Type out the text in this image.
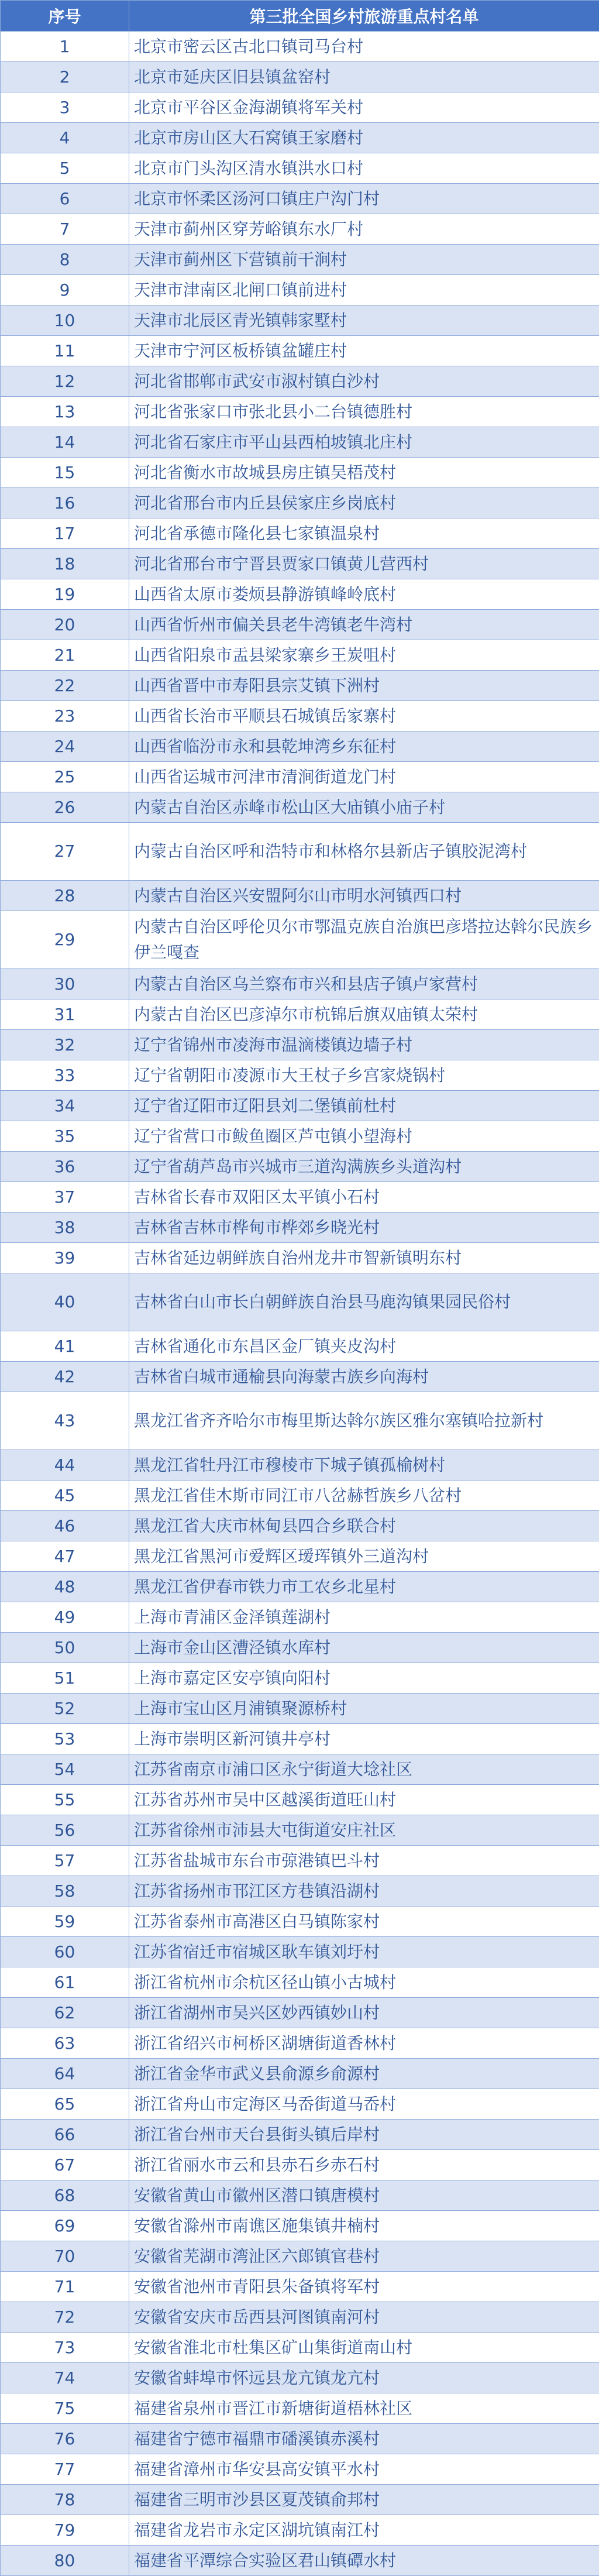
序号	第三批全国乡村旅游重点村名单
1	北京市密云区古北口镇司马台村
2	北京市延庆区旧县镇盆窑村
3	北京市平谷区金海湖镇将军关村
4	北京市房山区大石窝镇王家磨村
5	北京市门头沟区清水镇洪水口村
6	北京市怀柔区汤河口镇庄户沟门村
7	天津市蓟州区穿芳峪镇东水厂村
8	天津市蓟州区下营镇前干涧村
9	天津市津南区北闸口镇前进村
10	天津市北辰区青光镇韩家墅村
11	天津市宁河区板桥镇盆罐庄村
12	河北省邯郸市武安市淑村镇白沙村
13	河北省张家口市张北县小二台镇德胜村
14	河北省石家庄市平山县西柏坡镇北庄村
15	河北省衡水市故城县房庄镇吴梧茂村
16	河北省邢台市内丘县侯家庄乡岗底村
17	河北省承德市隆化县七家镇温泉村
18	河北省邢台市宁晋县贾家口镇黄儿营西村
19	山西省太原市娄烦县静游镇峰岭底村
20	山西省忻州市偏关县老牛湾镇老牛湾村
21	山西省阳泉市盂县梁家寨乡王炭咀村
22	山西省晋中市寿阳县宗艾镇下洲村
23	山西省长治市平顺县石城镇岳家寨村
24	山西省临汾市永和县乾坤湾乡东征村
25	山西省运城市河津市清涧街道龙门村
26	内蒙古自治区赤峰市松山区大庙镇小庙子村
27	内蒙古自治区呼和浩特市和林格尔县新店子镇胶泥湾村
28	内蒙古自治区兴安盟阿尔山市明水河镇西口村
29	内蒙古自治区呼伦贝尔市鄂温克族自治旗巴彦塔拉达斡尔民族乡伊兰嘎查
30	内蒙古自治区乌兰察布市兴和县店子镇卢家营村
31	内蒙古自治区巴彦淖尔市杭锦后旗双庙镇太荣村
32	辽宁省锦州市凌海市温滴楼镇边墙子村
33	辽宁省朝阳市凌源市大王杖子乡宫家烧锅村
34	辽宁省辽阳市辽阳县刘二堡镇前杜村
35	辽宁省营口市鲅鱼圈区芦屯镇小望海村
36	辽宁省葫芦岛市兴城市三道沟满族乡头道沟村
37	吉林省长春市双阳区太平镇小石村
38	吉林省吉林市桦甸市桦郊乡晓光村
39	吉林省延边朝鲜族自治州龙井市智新镇明东村
40	吉林省白山市长白朝鲜族自治县马鹿沟镇果园民俗村
41	吉林省通化市东昌区金厂镇夹皮沟村
42	吉林省白城市通榆县向海蒙古族乡向海村
43	黑龙江省齐齐哈尔市梅里斯达斡尔族区雅尔塞镇哈拉新村
44	黑龙江省牡丹江市穆棱市下城子镇孤榆树村
45	黑龙江省佳木斯市同江市八岔赫哲族乡八岔村
46	黑龙江省大庆市林甸县四合乡联合村
47	黑龙江省黑河市爱辉区瑷珲镇外三道沟村
48	黑龙江省伊春市铁力市工农乡北星村
49	上海市青浦区金泽镇莲湖村
50	上海市金山区漕泾镇水库村
51	上海市嘉定区安亭镇向阳村
52	上海市宝山区月浦镇聚源桥村
53	上海市崇明区新河镇井亭村
54	江苏省南京市浦口区永宁街道大埝社区
55	江苏省苏州市吴中区越溪街道旺山村
56	江苏省徐州市沛县大屯街道安庄社区
57	江苏省盐城市东台市弶港镇巴斗村
58	江苏省扬州市邗江区方巷镇沿湖村
59	江苏省泰州市高港区白马镇陈家村
60	江苏省宿迁市宿城区耿车镇刘圩村
61	浙江省杭州市余杭区径山镇小古城村
62	浙江省湖州市吴兴区妙西镇妙山村
63	浙江省绍兴市柯桥区湖塘街道香林村
64	浙江省金华市武义县俞源乡俞源村
65	浙江省舟山市定海区马岙街道马岙村
66	浙江省台州市天台县街头镇后岸村
67	浙江省丽水市云和县赤石乡赤石村
68	安徽省黄山市徽州区潜口镇唐模村
69	安徽省滁州市南谯区施集镇井楠村
70	安徽省芜湖市湾沚区六郎镇官巷村
71	安徽省池州市青阳县朱备镇将军村
72	安徽省安庆市岳西县河图镇南河村
73	安徽省淮北市杜集区矿山集街道南山村
74	安徽省蚌埠市怀远县龙亢镇龙亢村
75	福建省泉州市晋江市新塘街道梧林社区
76	福建省宁德市福鼎市磻溪镇赤溪村
77	福建省漳州市华安县高安镇平水村
78	福建省三明市沙县区夏茂镇俞邦村
79	福建省龙岩市永定区湖坑镇南江村
80	福建省平潭综合实验区君山镇磹水村
